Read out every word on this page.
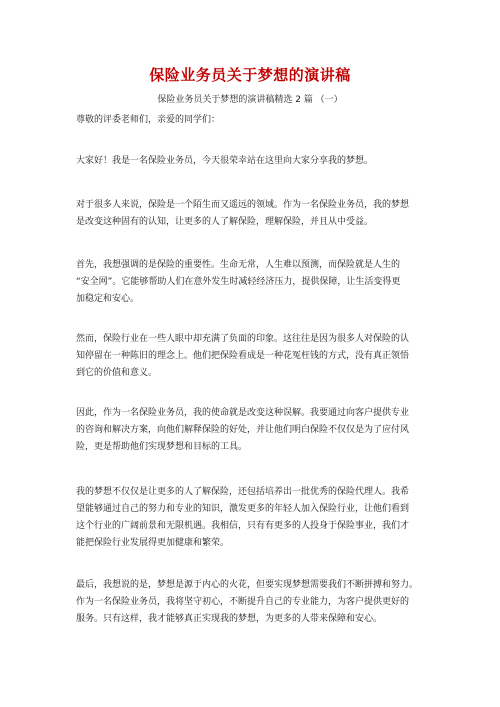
保险业务员关于梦想的演讲稿
保险业务员关于梦想的演讲稿精选 2 篇 （一）
尊敬的评委老师们，亲爱的同学们：
大家好！我是一名保险业务员，今天很荣幸站在这里向大家分享我的梦想。
对于很多人来说，保险是一个陌生而又遥远的领域。作为一名保险业务员，我的梦想
是改变这种固有的认知，让更多的人了解保险，理解保险，并且从中受益。
首先，我想强调的是保险的重要性。生命无常，人生难以预测，而保险就是人生的
“安全网”。它能够帮助人们在意外发生时减轻经济压力，提供保障，让生活变得更
加稳定和安心。
然而，保险行业在一些人眼中却充满了负面的印象。这往往是因为很多人对保险的认
知停留在一种陈旧的理念上。他们把保险看成是一种花冤枉钱的方式，没有真正领悟
到它的价值和意义。
因此，作为一名保险业务员，我的使命就是改变这种误解。我要通过向客户提供专业
的咨询和解决方案，向他们解释保险的好处，并让他们明白保险不仅仅是为了应付风
险，更是帮助他们实现梦想和目标的工具。
我的梦想不仅仅是让更多的人了解保险，还包括培养出一批优秀的保险代理人。我希
望能够通过自己的努力和专业的知识，激发更多的年轻人加入保险行业，让他们看到
这个行业的广阔前景和无限机遇。我相信，只有有更多的人投身于保险事业，我们才
能把保险行业发展得更加健康和繁荣。
最后，我想说的是，梦想是源于内心的火花，但要实现梦想需要我们不断拼搏和努力。
作为一名保险业务员，我将坚守初心，不断提升自己的专业能力，为客户提供更好的
服务。只有这样，我才能够真正实现我的梦想，为更多的人带来保障和安心。
